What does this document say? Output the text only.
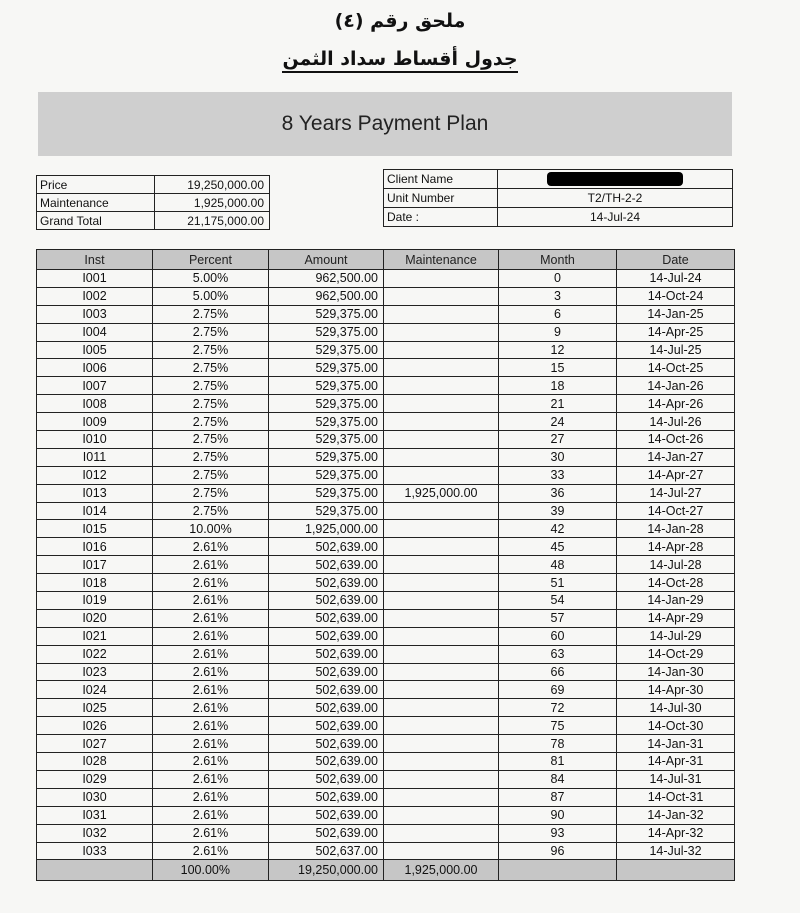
ملحق رقم (٤)
جدول أقساط سداد الثمن
8 Years Payment Plan
Price	19,250,000.00
Maintenance	1,925,000.00
Grand Total	21,175,000.00
Client Name	
Unit Number	T2/TH-2-2
Date :	14-Jul-24
Inst	Percent	Amount	Maintenance	Month	Date
I001	5.00%	962,500.00		0	14-Jul-24
I002	5.00%	962,500.00		3	14-Oct-24
I003	2.75%	529,375.00		6	14-Jan-25
I004	2.75%	529,375.00		9	14-Apr-25
I005	2.75%	529,375.00		12	14-Jul-25
I006	2.75%	529,375.00		15	14-Oct-25
I007	2.75%	529,375.00		18	14-Jan-26
I008	2.75%	529,375.00		21	14-Apr-26
I009	2.75%	529,375.00		24	14-Jul-26
I010	2.75%	529,375.00		27	14-Oct-26
I011	2.75%	529,375.00		30	14-Jan-27
I012	2.75%	529,375.00		33	14-Apr-27
I013	2.75%	529,375.00	1,925,000.00	36	14-Jul-27
I014	2.75%	529,375.00		39	14-Oct-27
I015	10.00%	1,925,000.00		42	14-Jan-28
I016	2.61%	502,639.00		45	14-Apr-28
I017	2.61%	502,639.00		48	14-Jul-28
I018	2.61%	502,639.00		51	14-Oct-28
I019	2.61%	502,639.00		54	14-Jan-29
I020	2.61%	502,639.00		57	14-Apr-29
I021	2.61%	502,639.00		60	14-Jul-29
I022	2.61%	502,639.00		63	14-Oct-29
I023	2.61%	502,639.00		66	14-Jan-30
I024	2.61%	502,639.00		69	14-Apr-30
I025	2.61%	502,639.00		72	14-Jul-30
I026	2.61%	502,639.00		75	14-Oct-30
I027	2.61%	502,639.00		78	14-Jan-31
I028	2.61%	502,639.00		81	14-Apr-31
I029	2.61%	502,639.00		84	14-Jul-31
I030	2.61%	502,639.00		87	14-Oct-31
I031	2.61%	502,639.00		90	14-Jan-32
I032	2.61%	502,639.00		93	14-Apr-32
I033	2.61%	502,637.00		96	14-Jul-32
	100.00%	19,250,000.00	1,925,000.00		
